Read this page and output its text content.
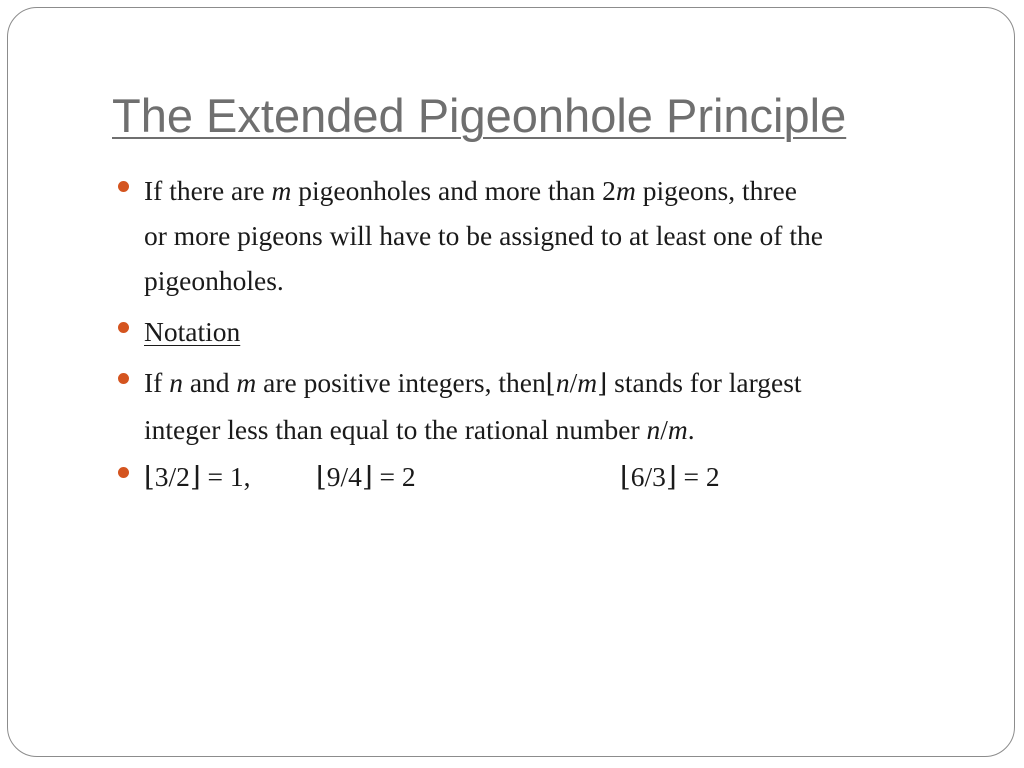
The Extended Pigeonhole Principle
If there are m pigeonholes and more than 2m pigeons, three
or more pigeons will have to be assigned to at least one of the
pigeonholes.
Notation
If n and m are positive integers, then⌊n/m⌋ stands for largest
integer less than equal to the rational number n/m.
⌊3/2⌋ = 1, ⌊9/4⌋ = 2	⌊6/3⌋ = 2
